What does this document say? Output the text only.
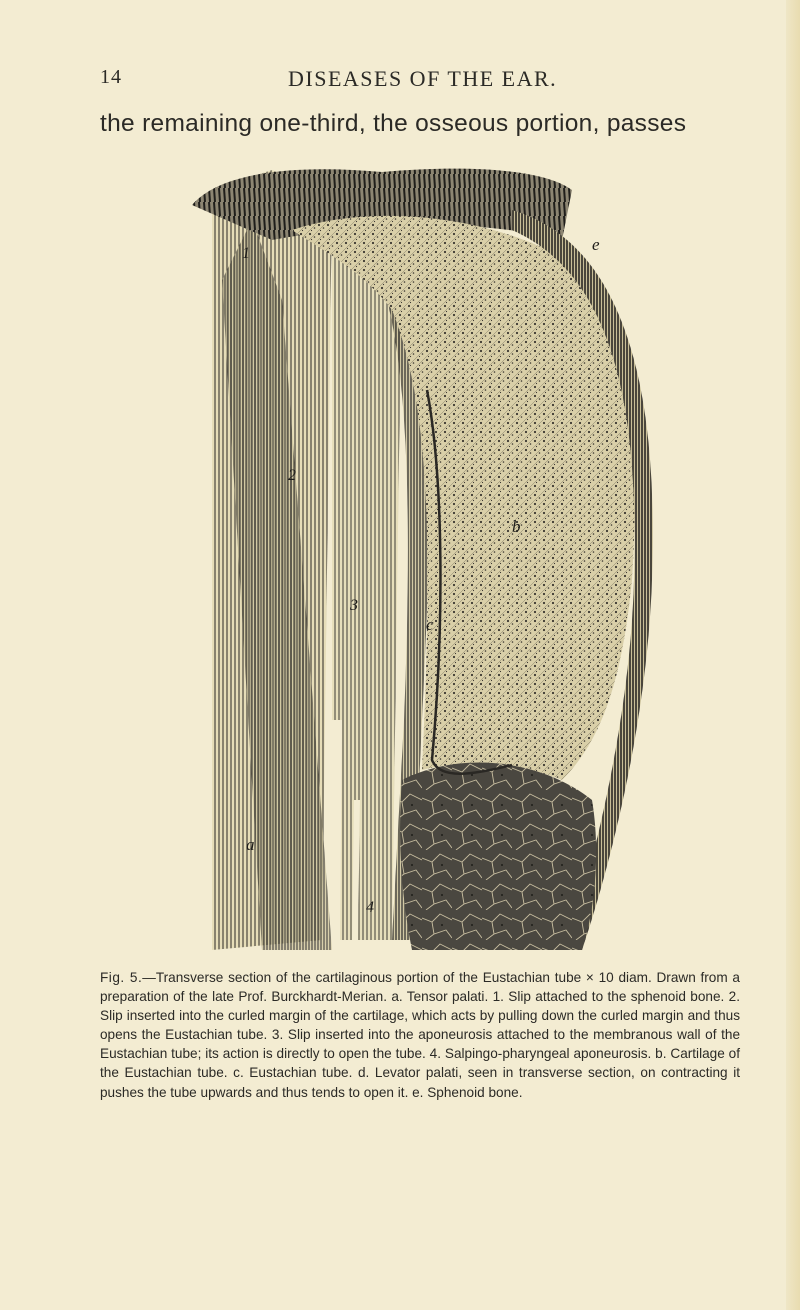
14	DISEASES OF THE EAR.
the remaining one-third, the osseous portion, passes
1
2
3
4
a
b
c
e

Fig. 5.—Transverse section of the cartilaginous portion of the Eustachian tube × 10 diam. Drawn from a preparation of the late Prof. Burckhardt-Merian. a. Tensor palati. 1. Slip attached to the sphenoid bone. 2. Slip inserted into the curled margin of the cartilage, which acts by pulling down the curled margin and thus opens the Eustachian tube. 3. Slip inserted into the aponeurosis attached to the membranous wall of the Eustachian tube; its action is directly to open the tube. 4. Salpingo-pharyngeal aponeurosis. b. Cartilage of the Eustachian tube. c. Eustachian tube. d. Levator palati, seen in transverse section, on contracting it pushes the tube upwards and thus tends to open it. e. Sphenoid bone.
